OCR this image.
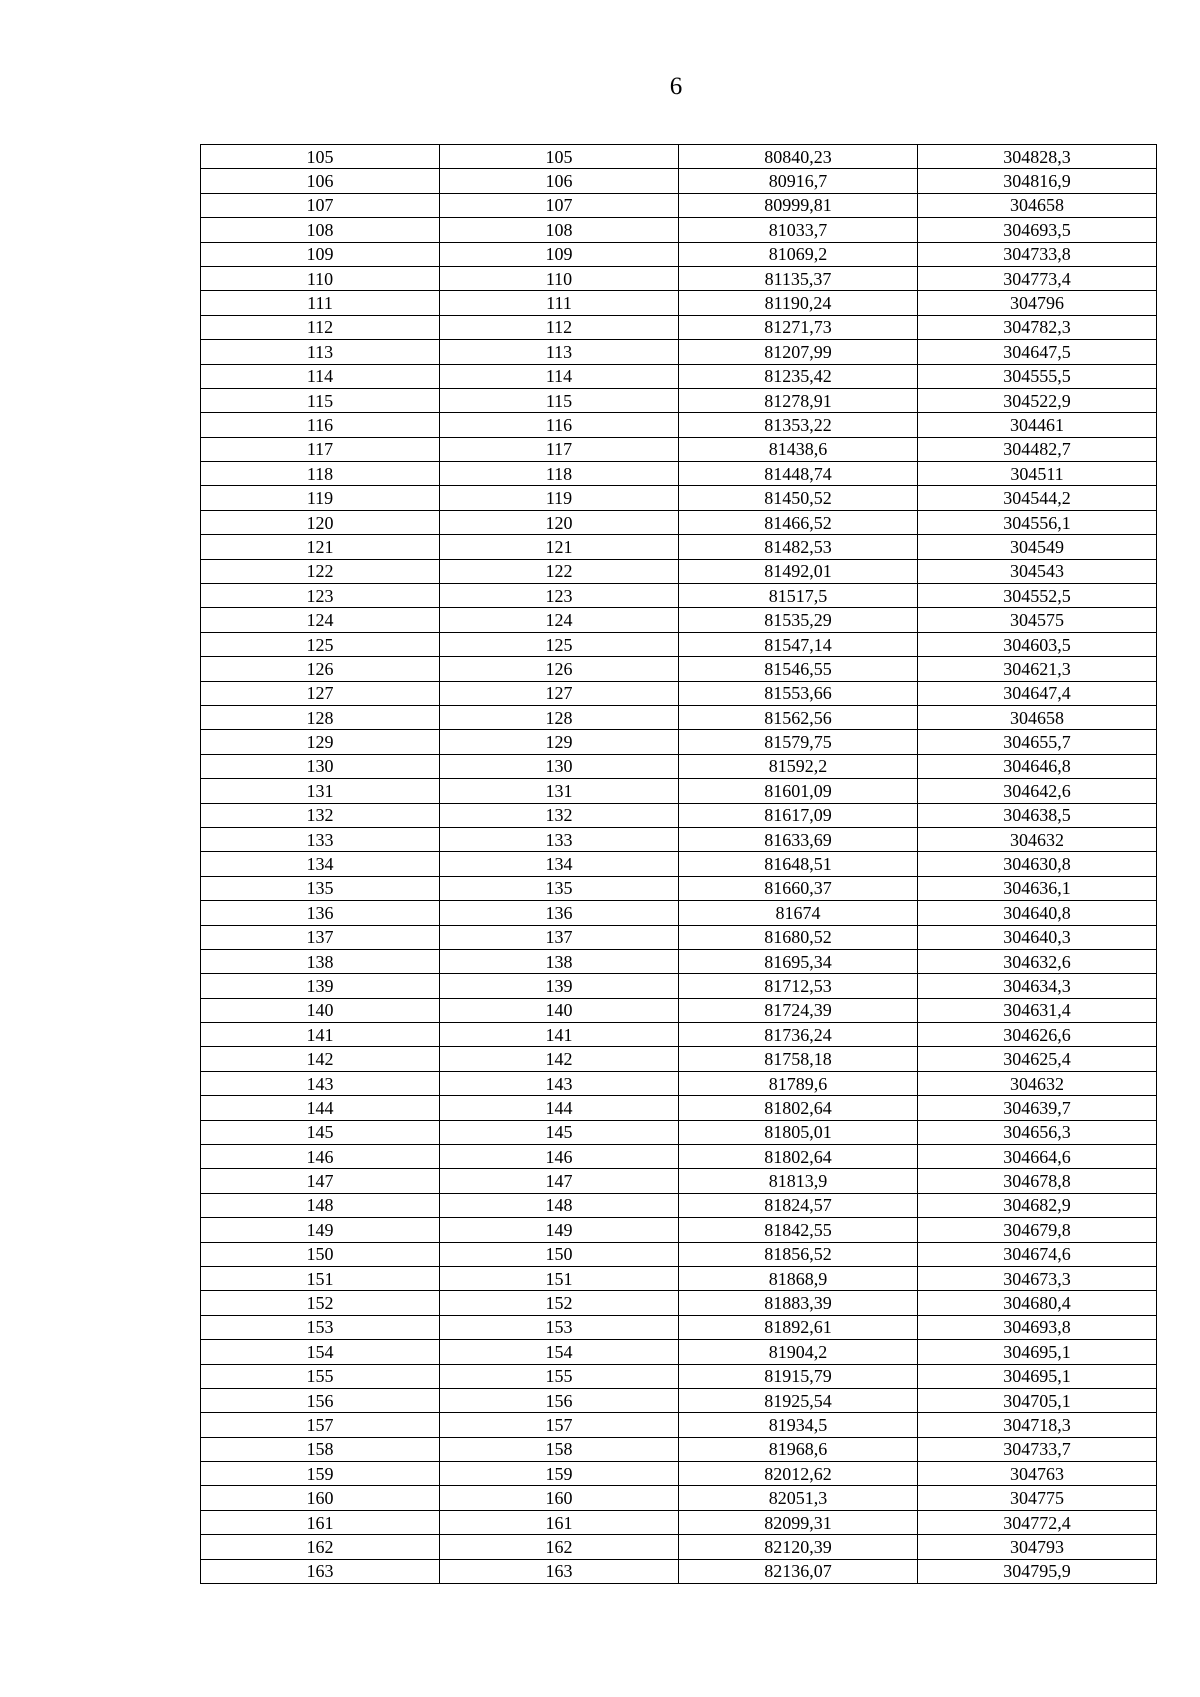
6
105	105	80840,23	304828,3
106	106	80916,7	304816,9
107	107	80999,81	304658
108	108	81033,7	304693,5
109	109	81069,2	304733,8
110	110	81135,37	304773,4
111	111	81190,24	304796
112	112	81271,73	304782,3
113	113	81207,99	304647,5
114	114	81235,42	304555,5
115	115	81278,91	304522,9
116	116	81353,22	304461
117	117	81438,6	304482,7
118	118	81448,74	304511
119	119	81450,52	304544,2
120	120	81466,52	304556,1
121	121	81482,53	304549
122	122	81492,01	304543
123	123	81517,5	304552,5
124	124	81535,29	304575
125	125	81547,14	304603,5
126	126	81546,55	304621,3
127	127	81553,66	304647,4
128	128	81562,56	304658
129	129	81579,75	304655,7
130	130	81592,2	304646,8
131	131	81601,09	304642,6
132	132	81617,09	304638,5
133	133	81633,69	304632
134	134	81648,51	304630,8
135	135	81660,37	304636,1
136	136	81674	304640,8
137	137	81680,52	304640,3
138	138	81695,34	304632,6
139	139	81712,53	304634,3
140	140	81724,39	304631,4
141	141	81736,24	304626,6
142	142	81758,18	304625,4
143	143	81789,6	304632
144	144	81802,64	304639,7
145	145	81805,01	304656,3
146	146	81802,64	304664,6
147	147	81813,9	304678,8
148	148	81824,57	304682,9
149	149	81842,55	304679,8
150	150	81856,52	304674,6
151	151	81868,9	304673,3
152	152	81883,39	304680,4
153	153	81892,61	304693,8
154	154	81904,2	304695,1
155	155	81915,79	304695,1
156	156	81925,54	304705,1
157	157	81934,5	304718,3
158	158	81968,6	304733,7
159	159	82012,62	304763
160	160	82051,3	304775
161	161	82099,31	304772,4
162	162	82120,39	304793
163	163	82136,07	304795,9
